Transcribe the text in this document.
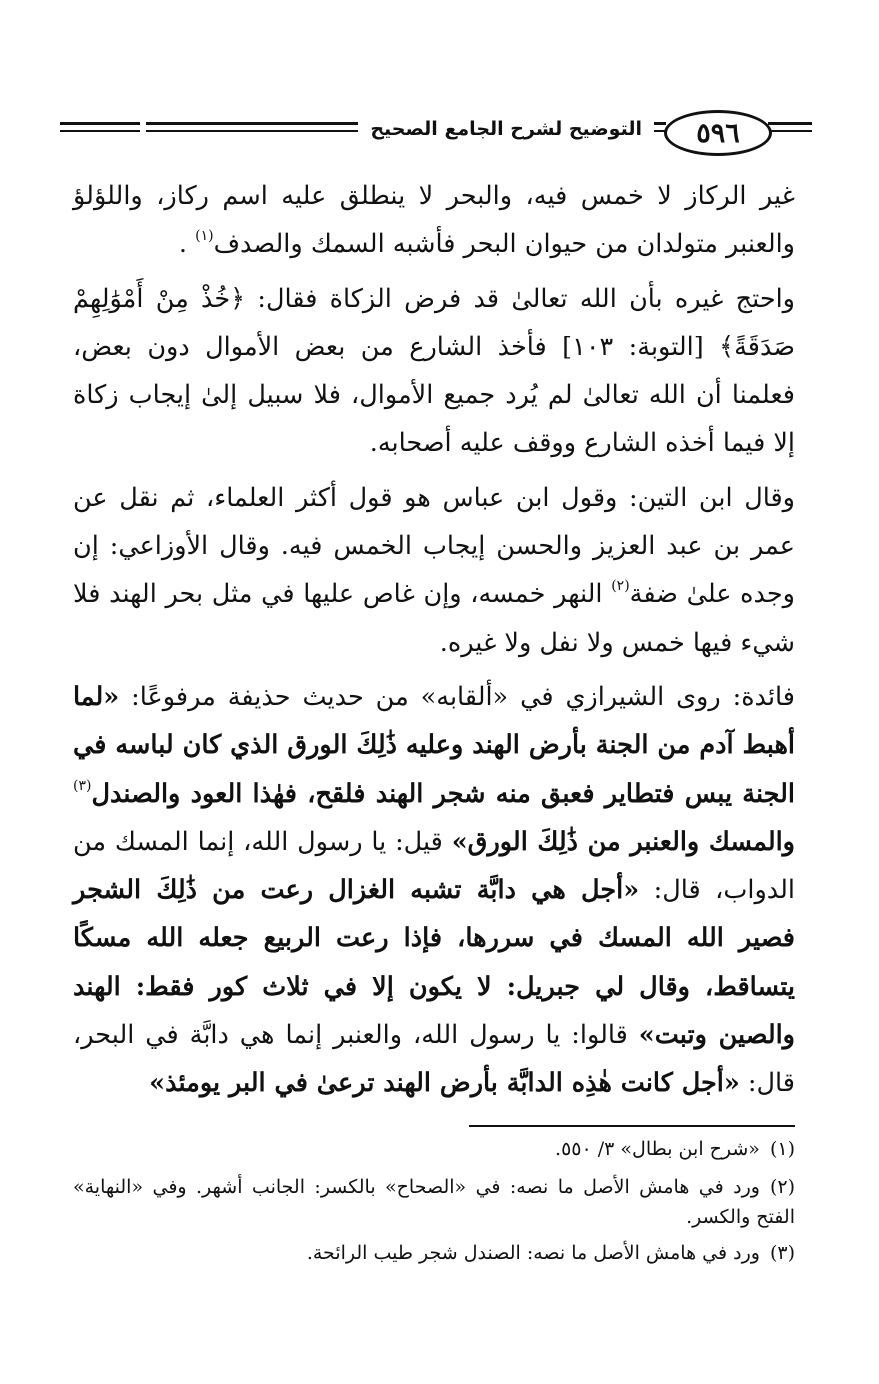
التوضيح لشرح الجامع الصحيح	٥٩٦

غير الركاز لا خمس فيه، والبحر لا ينطلق عليه اسم ركاز، واللؤلؤ والعنبر متولدان من حيوان البحر فأشبه السمك والصدف$^{(١)}$ .

واحتج غيره بأن الله تعالىٰ قد فرض الزكاة فقال: ﴿خُذْ مِنْ أَمْوَٰلِهِمْ صَدَقَةً﴾ [التوبة: ١٠٣] فأخذ الشارع من بعض الأموال دون بعض، فعلمنا أن الله تعالىٰ لم يُرد جميع الأموال، فلا سبيل إلىٰ إيجاب زكاة إلا فيما أخذه الشارع ووقف عليه أصحابه.

وقال ابن التين: وقول ابن عباس هو قول أكثر العلماء، ثم نقل عن عمر بن عبد العزيز والحسن إيجاب الخمس فيه. وقال الأوزاعي: إن وجده علىٰ ضفة$^{(٢)}$ النهر خمسه، وإن غاص عليها في مثل بحر الهند فلا شيء فيها خمس ولا نفل ولا غيره.

فائدة: روى الشيرازي في «ألقابه» من حديث حذيفة مرفوعًا: «لما أهبط آدم من الجنة بأرض الهند وعليه ذَٰلِكَ الورق الذي كان لباسه في الجنة يبس فتطاير فعبق منه شجر الهند فلقح، فهٰذا العود والصندل$^{(٣)}$ والمسك والعنبر من ذَٰلِكَ الورق» قيل: يا رسول الله، إنما المسك من الدواب، قال: «أجل هي دابَّة تشبه الغزال رعت من ذَٰلِكَ الشجر فصير الله المسك في سررها، فإذا رعت الربيع جعله الله مسكًا يتساقط، وقال لي جبريل: لا يكون إلا في ثلاث كور فقط: الهند والصين وتبت» قالوا: يا رسول الله، والعنبر إنما هي دابَّة في البحر، قال: «أجل كانت هٰذِه الدابَّة بأرض الهند ترعىٰ في البر يومئذ»

(١)«شرح ابن بطال» ٣/ ٥٥٠.

(٢)ورد في هامش الأصل ما نصه: في «الصحاح» بالكسر: الجانب أشهر. وفي «النهاية» الفتح والكسر.

(٣)ورد في هامش الأصل ما نصه: الصندل شجر طيب الرائحة.
